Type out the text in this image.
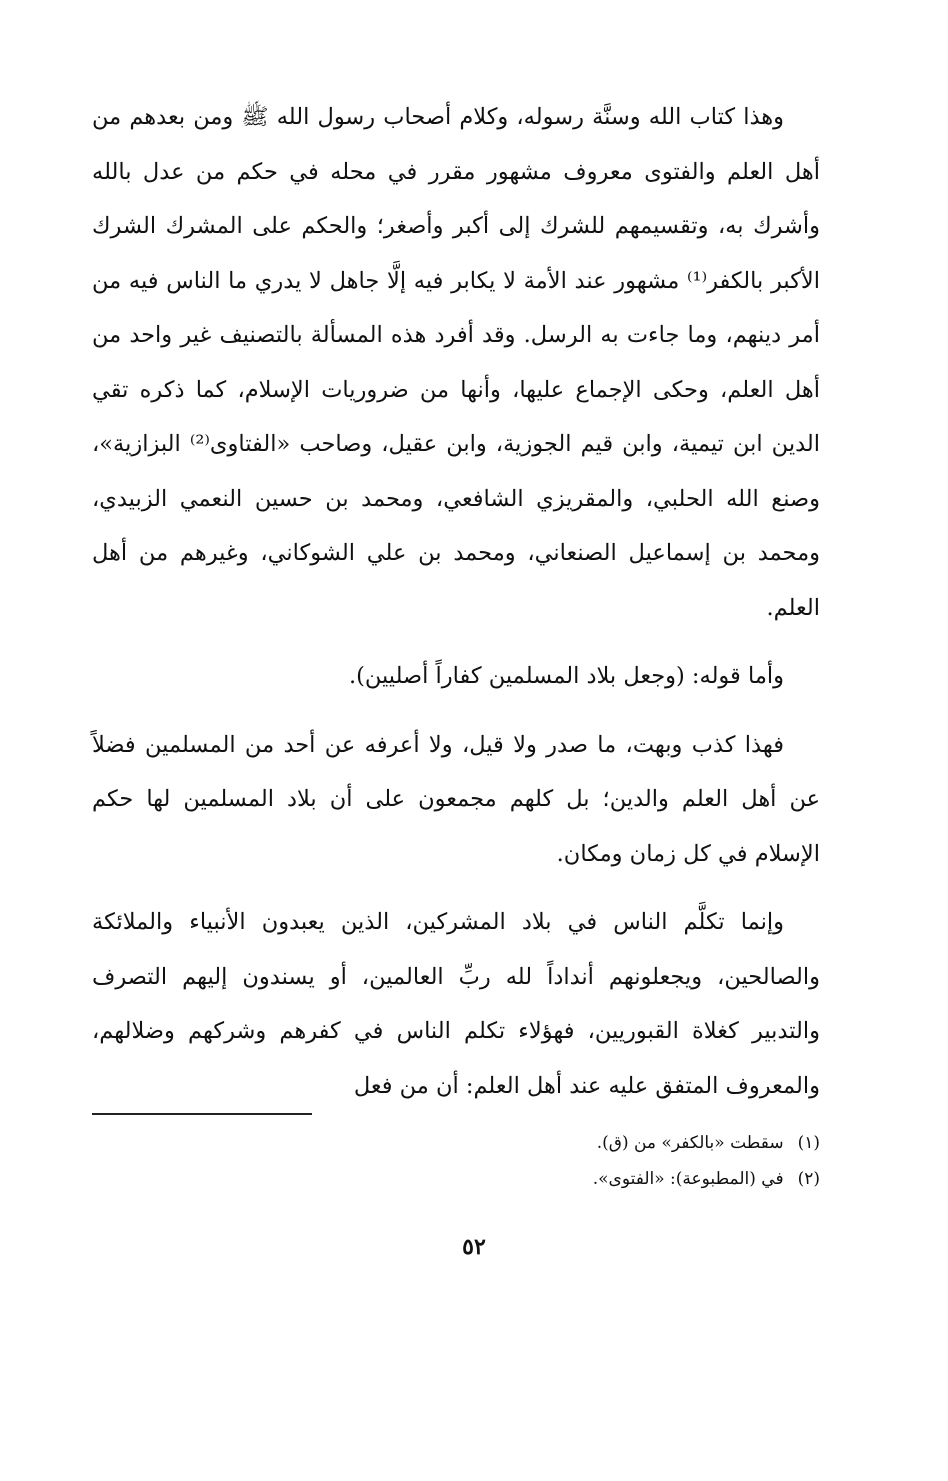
وهذا كتاب الله وسنَّة رسوله، وكلام أصحاب رسول الله ﷺ ومن بعدهم من أهل العلم والفتوى معروف مشهور مقرر في محله في حكم من عدل بالله وأشرك به، وتقسيمهم للشرك إلى أكبر وأصغر؛ والحكم على المشرك الشرك الأكبر بالكفر⁽¹⁾ مشهور عند الأمة لا يكابر فيه إلَّا جاهل لا يدري ما الناس فيه من أمر دينهم، وما جاءت به الرسل. وقد أفرد هذه المسألة بالتصنيف غير واحد من أهل العلم، وحكى الإجماع عليها، وأنها من ضروريات الإسلام، كما ذكره تقي الدين ابن تيمية، وابن قيم الجوزية، وابن عقيل، وصاحب «الفتاوى⁽²⁾ البزازية»، وصنع الله الحلبي، والمقريزي الشافعي، ومحمد بن حسين النعمي الزبيدي، ومحمد بن إسماعيل الصنعاني، ومحمد بن علي الشوكاني، وغيرهم من أهل العلم.

وأما قوله: (وجعل بلاد المسلمين كفاراً أصليين).

فهذا كذب وبهت، ما صدر ولا قيل، ولا أعرفه عن أحد من المسلمين فضلاً عن أهل العلم والدين؛ بل كلهم مجمعون على أن بلاد المسلمين لها حكم الإسلام في كل زمان ومكان.

وإنما تكلَّم الناس في بلاد المشركين، الذين يعبدون الأنبياء والملائكة والصالحين، ويجعلونهم أنداداً لله ربِّ العالمين، أو يسندون إليهم التصرف والتدبير كغلاة القبوريين، فهؤلاء تكلم الناس في كفرهم وشركهم وضلالهم، والمعروف المتفق عليه عند أهل العلم: أن من فعل

(١)سقطت «بالكفر» من (ق).

(٢)في (المطبوعة): «الفتوى».

٥٢
